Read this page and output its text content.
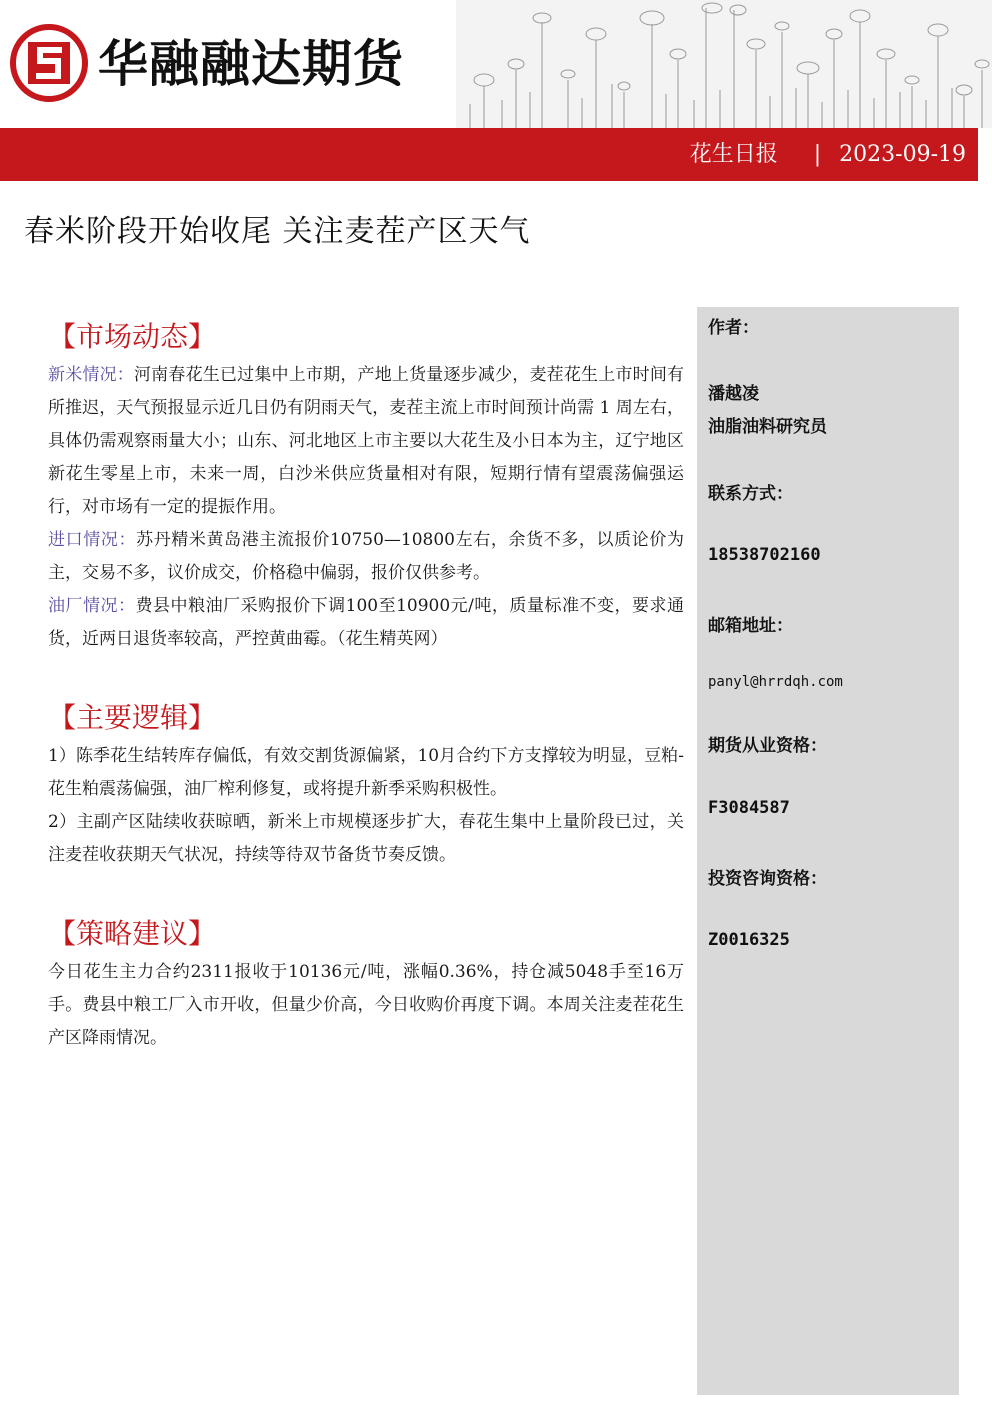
华融融达期货
花生日报 | 2023-09-19
春米阶段开始收尾 关注麦茬产区天气
作者：
潘越凌
油脂油料研究员
联系方式：
18538702160
邮箱地址：
panyl@hrrdqh.com
期货从业资格：
F3084587
投资咨询资格：
Z0016325
【市场动态】
新米情况：河南春花生已过集中上市期，产地上货量逐步减少，麦茬花生上市时间有所推迟，天气预报显示近几日仍有阴雨天气，麦茬主流上市时间预计尚需 1 周左右，具体仍需观察雨量大小；山东、河北地区上市主要以大花生及小日本为主，辽宁地区新花生零星上市，未来一周，白沙米供应货量相对有限，短期行情有望震荡偏强运行，对市场有一定的提振作用。
进口情况：苏丹精米黄岛港主流报价10750—10800左右，余货不多，以质论价为主，交易不多，议价成交，价格稳中偏弱，报价仅供参考。
油厂情况：费县中粮油厂采购报价下调100至10900元/吨，质量标准不变，要求通货，近两日退货率较高，严控黄曲霉。（花生精英网）
【主要逻辑】
1）陈季花生结转库存偏低，有效交割货源偏紧，10月合约下方支撑较为明显，豆粕-花生粕震荡偏强，油厂榨利修复，或将提升新季采购积极性。
2）主副产区陆续收获晾晒，新米上市规模逐步扩大，春花生集中上量阶段已过，关注麦茬收获期天气状况，持续等待双节备货节奏反馈。
【策略建议】
今日花生主力合约2311报收于10136元/吨，涨幅0.36%，持仓减5048手至16万手。费县中粮工厂入市开收，但量少价高，今日收购价再度下调。本周关注麦茬花生产区降雨情况。
